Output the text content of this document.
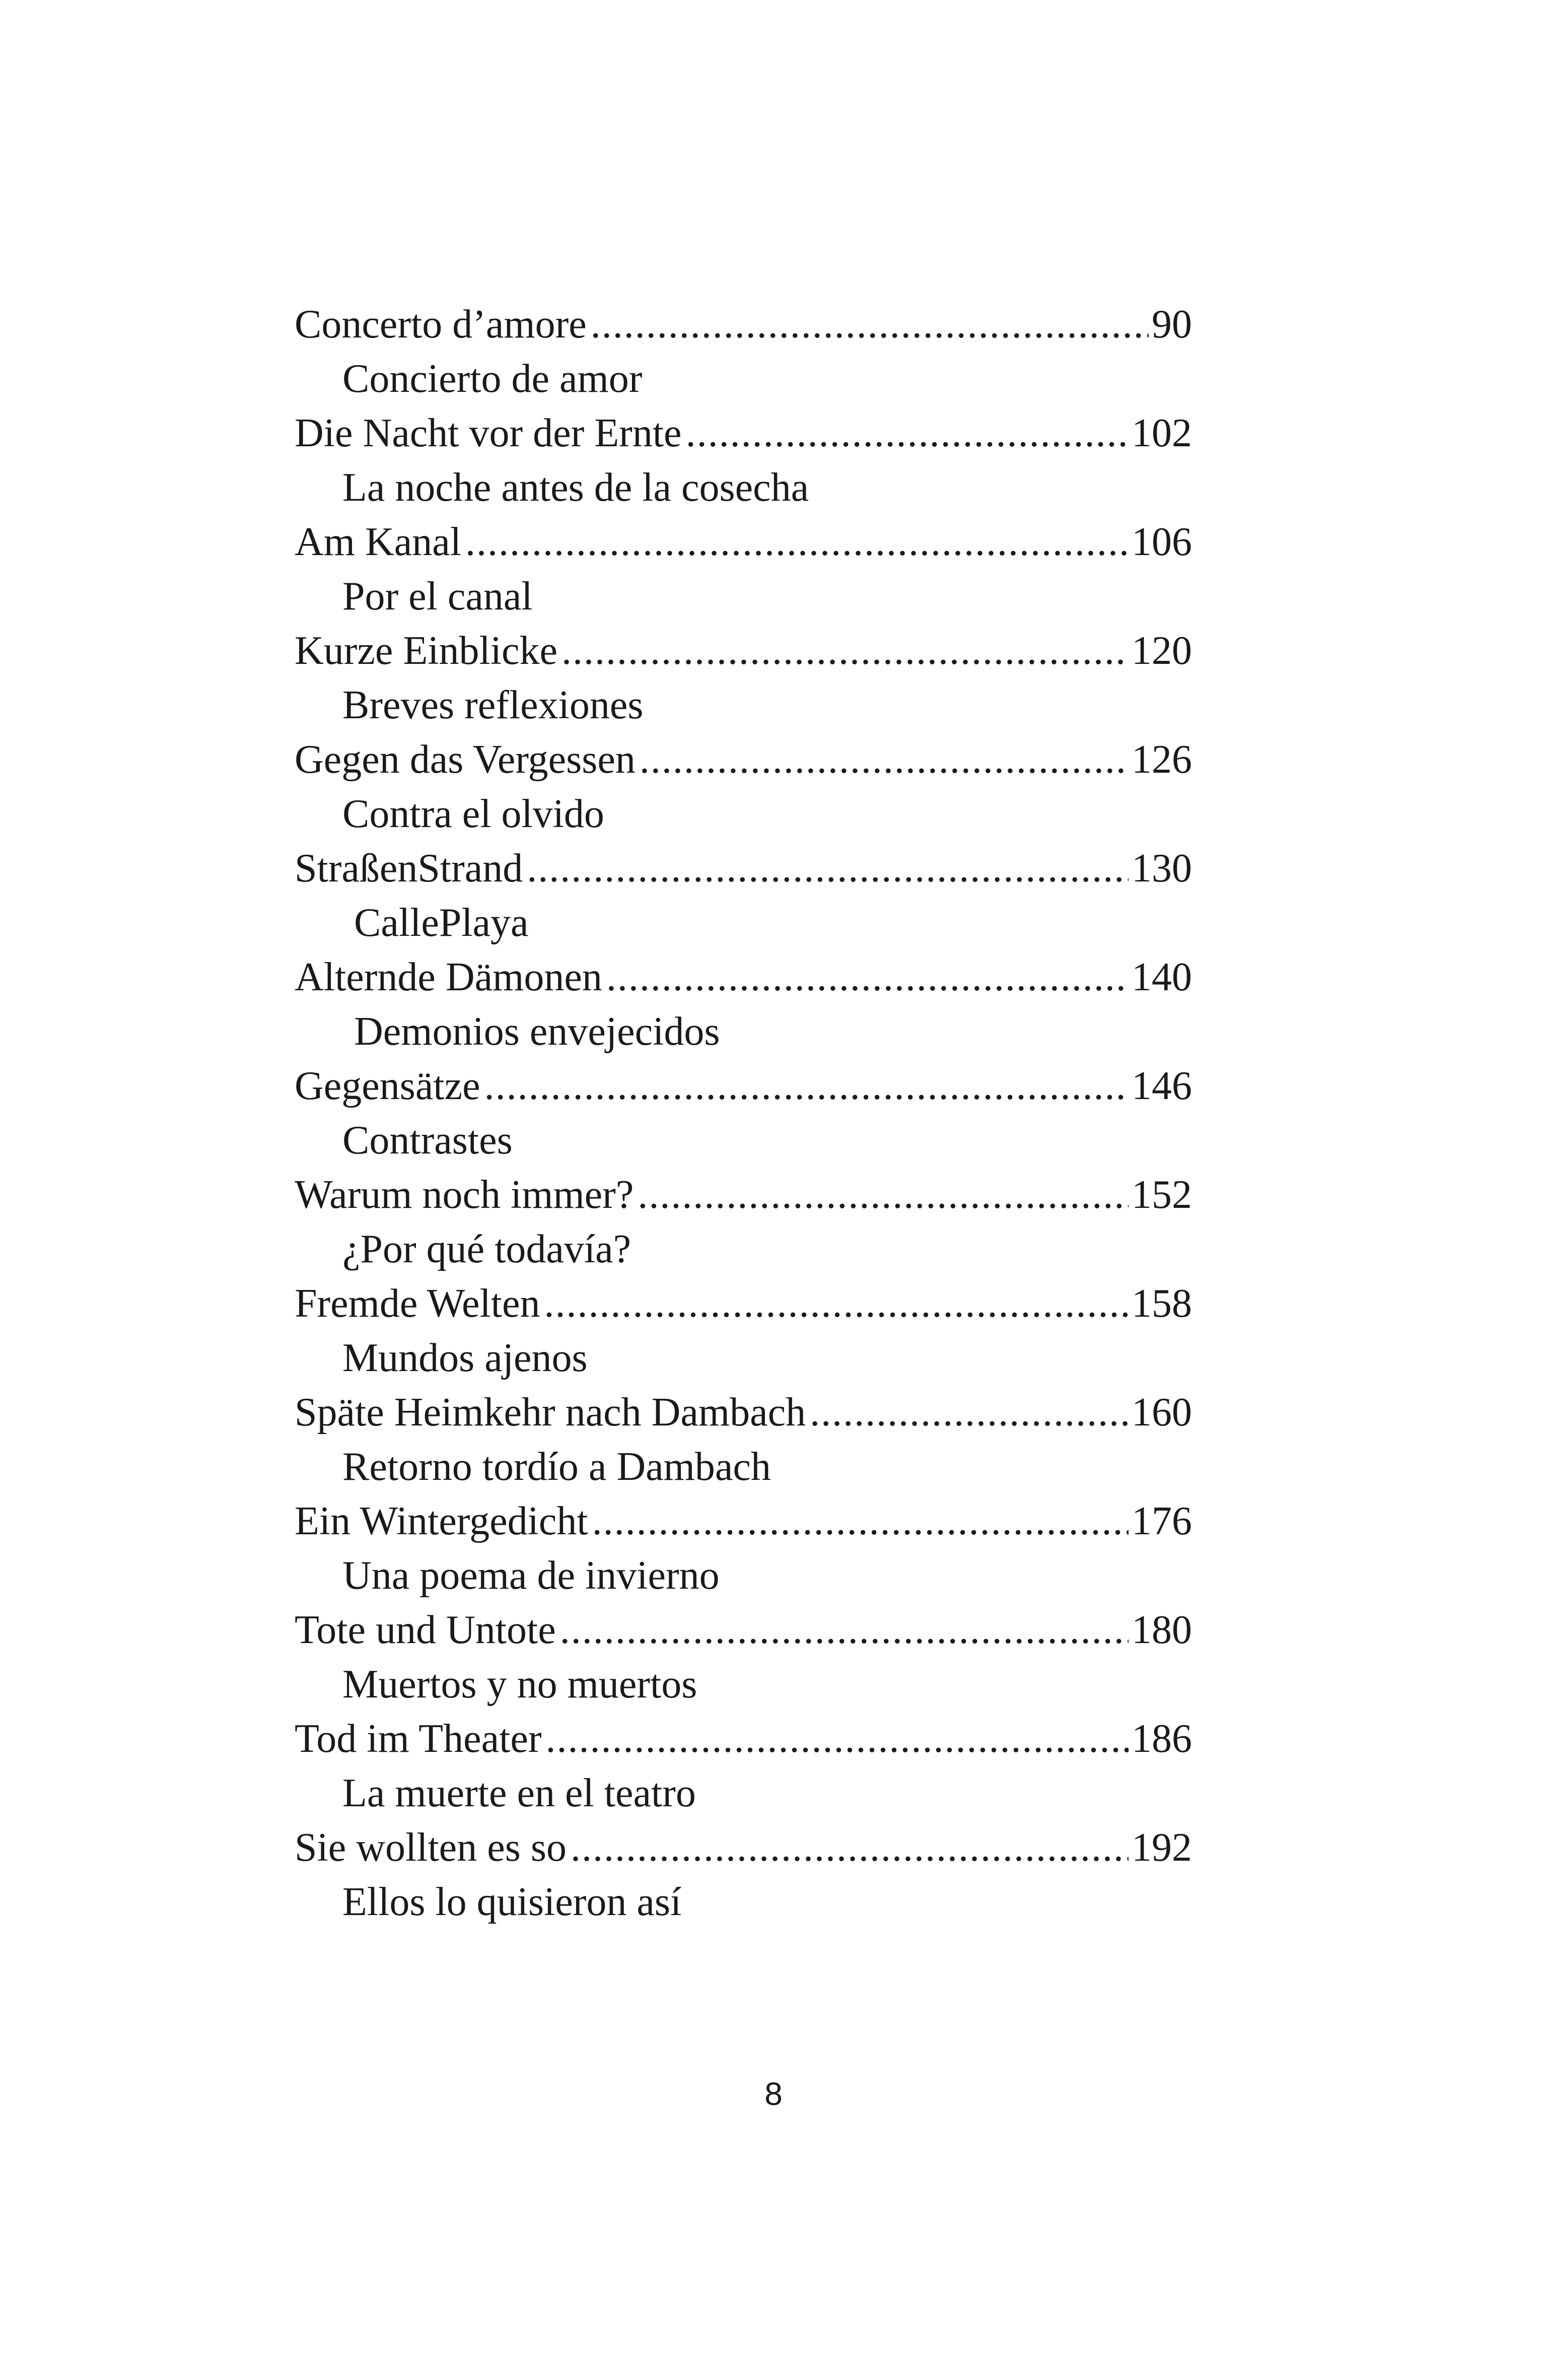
Concerto d’amore .....	90
Concierto de amor
Die Nacht vor der Ernte .....	102
La noche antes de la cosecha
Am Kanal .....	106
Por el canal
Kurze Einblicke .....	120
Breves reflexiones
Gegen das Vergessen .....	126
Contra el olvido
StraßenStrand .....	130
CallePlaya
Alternde Dämonen .....	140
Demonios envejecidos
Gegensätze .....	146
Contrastes
Warum noch immer? .....	152
¿Por qué todavía?
Fremde Welten .....	158
Mundos ajenos
Späte Heimkehr nach Dambach .....	160
Retorno tordío a Dambach
Ein Wintergedicht .....	176
Una poema de invierno
Tote und Untote .....	180
Muertos y no muertos
Tod im Theater .....	186
La muerte en el teatro
Sie wollten es so .....	192
Ellos lo quisieron así
8
